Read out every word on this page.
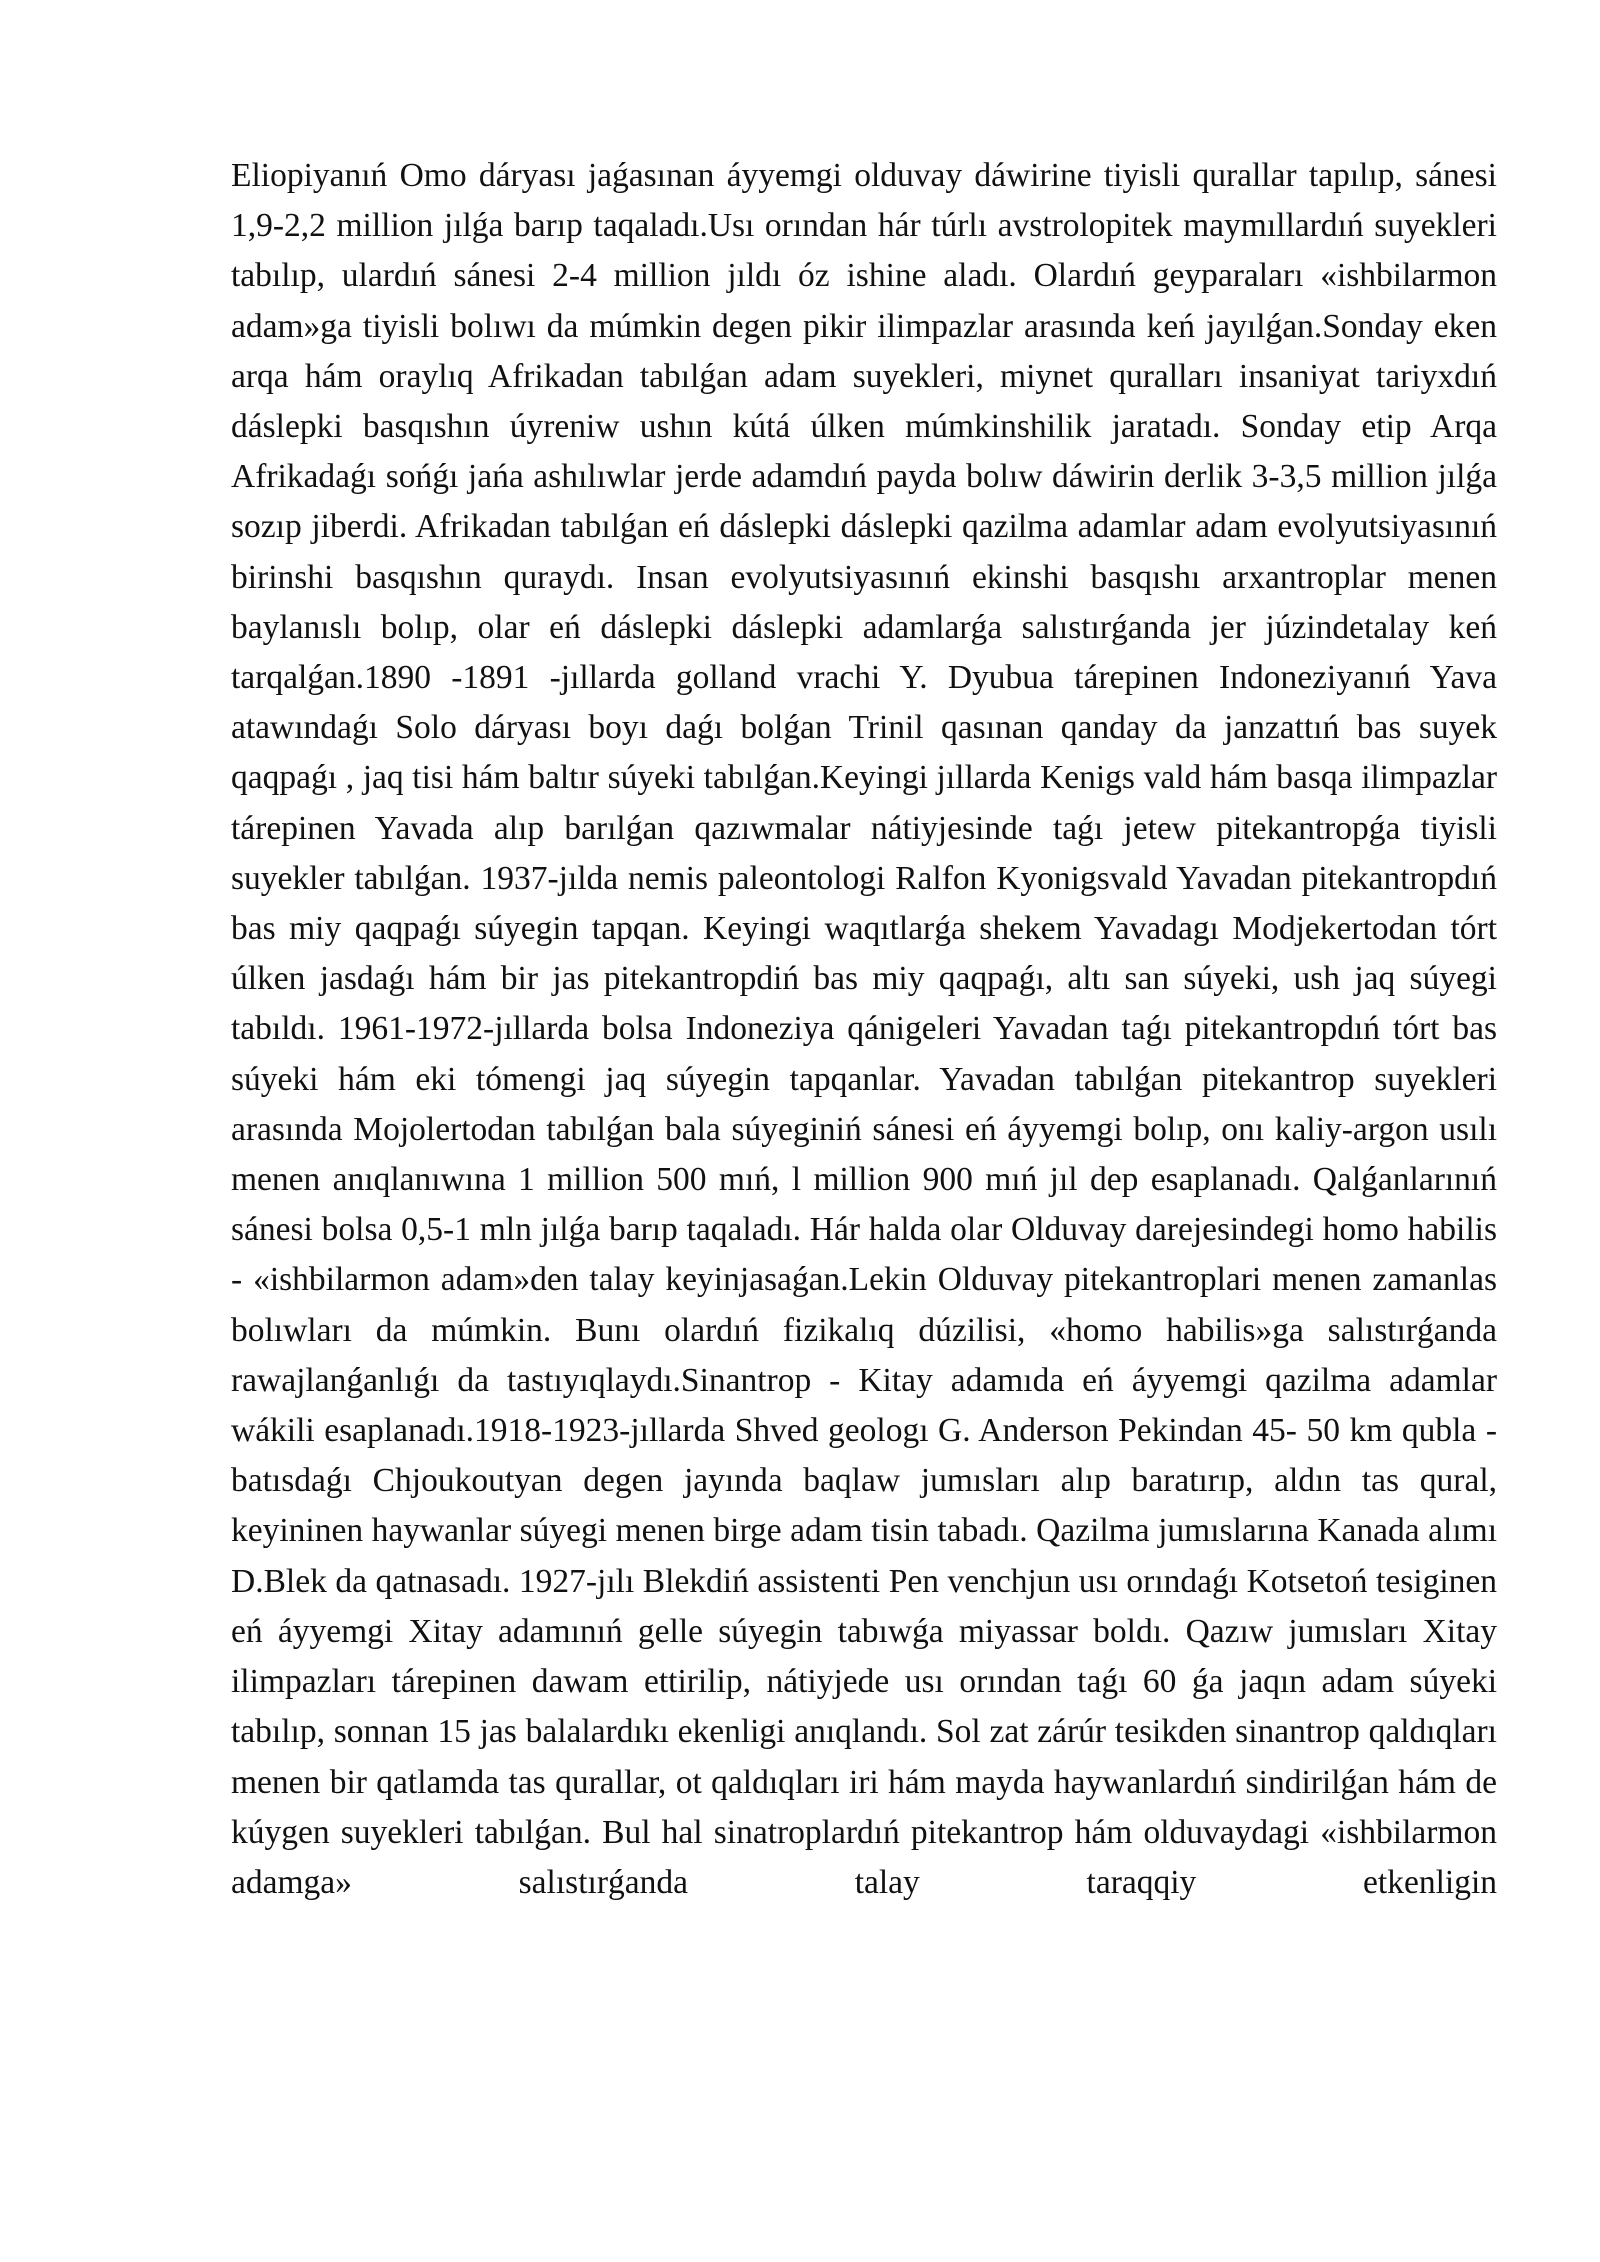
Eliopiyanıń Omo dáryası jaǵasınan áyyemgi olduvay dáwirine tiyisli qurallar tapılıp, sánesi 1,9-2,2 million jılǵa barıp taqaladı.Usı orından hár túrlı avstrolopitek maymıllardıń suyekleri tabılıp, ulardıń sánesi 2-4 million jıldı óz ishine aladı. Olardıń geyparaları «ishbilarmon adam»ga tiyisli bolıwı da múmkin degen pikir ilimpazlar arasında keń jayılǵan.Sonday eken arqa hám oraylıq Afrikadan tabılǵan adam suyekleri, miynet quralları insaniyat tariyxdıń dáslepki basqıshın úyreniw ushın kútá úlken múmkinshilik jaratadı. Sonday etip Arqa Afrikadaǵı sońǵı jańa ashılıwlar jerde adamdıń payda bolıw dáwirin derlik 3-3,5 million jılǵa sozıp jiberdi. Afrikadan tabılǵan eń dáslepki dáslepki qazilma adamlar adam evolyutsiyasınıń birinshi basqıshın quraydı. Insan evolyutsiyasınıń ekinshi basqıshı arxantroplar menen baylanıslı bolıp, olar eń dáslepki dáslepki adamlarǵa salıstırǵanda jer júzindetalay keń tarqalǵan.1890 -1891 -jıllarda golland vrachi Y. Dyubua tárepinen Indoneziyanıń Yava atawındaǵı Solo dáryası boyı daǵı bolǵan Trinil qasınan qanday da janzattıń bas suyek qaqpaǵı , jaq tisi hám baltır súyeki tabılǵan.Keyingi jıllarda Kenigs vald hám basqa ilimpazlar tárepinen Yavada alıp barılǵan qazıwmalar nátiyjesinde taǵı jetew pitekantropǵa tiyisli suyekler tabılǵan. 1937-jılda nemis paleontologi Ralfon Kyonigsvald Yavadan pitekantropdıń bas miy qaqpaǵı súyegin tapqan. Keyingi waqıtlarǵa shekem Yavadagı Modjekertodan tórt úlken jasdaǵı hám bir jas pitekantropdiń bas miy qaqpaǵı, altı san súyeki, ush jaq súyegi tabıldı. 1961-1972-jıllarda bolsa Indoneziya qánigeleri Yavadan taǵı pitekantropdıń tórt bas súyeki hám eki tómengi jaq súyegin tapqanlar. Yavadan tabılǵan pitekantrop suyekleri arasında Mojolertodan tabılǵan bala súyeginiń sánesi eń áyyemgi bolıp, onı kaliy-argon usılı menen anıqlanıwına 1 million 500 mıń, l million 900 mıń jıl dep esaplanadı. Qalǵanlarınıń sánesi bolsa 0,5-1 mln jılǵa barıp taqaladı. Hár halda olar Olduvay darejesindegi homo habilis - «ishbilarmon adam»den talay keyinjasaǵan.Lekin Olduvay pitekantroplari menen zamanlas bolıwları da múmkin. Bunı olardıń fizikalıq dúzilisi, «homo habilis»ga salıstırǵanda rawajlanǵanlıǵı da tastıyıqlaydı.Sinantrop - Kitay adamıda eń áyyemgi qazilma adamlar wákili esaplanadı.1918-1923-jıllarda Shved geologı G. Anderson Pekindan 45- 50 km qubla -batısdaǵı Chjoukoutyan degen jayında baqlaw jumısları alıp baratırıp, aldın tas qural, keyininen haywanlar súyegi menen birge adam tisin tabadı. Qazilma jumıslarına Kanada alımı D.Blek da qatnasadı. 1927-jılı Blekdiń assistenti Pen venchjun usı orındaǵı Kotsetoń tesiginen eń áyyemgi Xitay adamınıń gelle súyegin tabıwǵa miyassar boldı. Qazıw jumısları Xitay ilimpazları tárepinen dawam ettirilip, nátiyjede usı orından taǵı 60 ǵa jaqın adam súyeki tabılıp, sonnan 15 jas balalardıkı ekenligi anıqlandı. Sol zat zárúr tesikden sinantrop qaldıqları menen bir qatlamda tas qurallar, ot qaldıqları iri hám mayda haywanlardıń sindirilǵan hám de kúygen suyekleri tabılǵan. Bul hal sinatroplardıń pitekantrop hám olduvaydagi «ishbilarmon adamga» salıstırǵanda talay taraqqiy etkenligin
